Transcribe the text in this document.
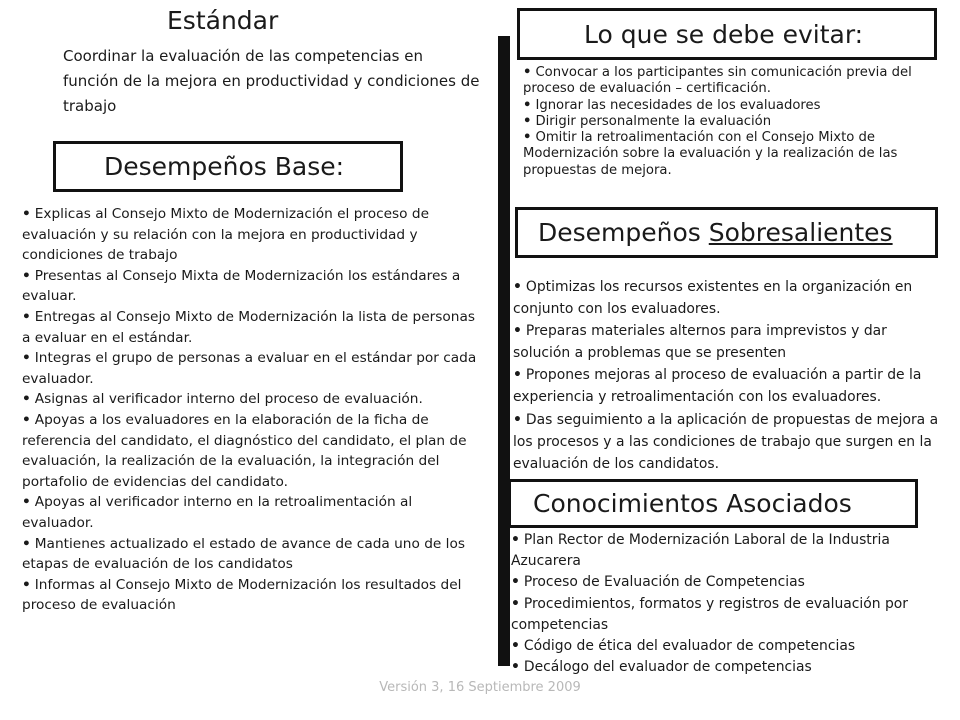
Versión 3, 16 Septiembre 2009
Estándar
Coordinar la evaluación de las competencias en función de la mejora en productividad y condiciones de trabajo
Desempeños Base:
• Explicas al Consejo Mixto de Modernización el proceso de evaluación y su relación con la mejora en productividad y condiciones de trabajo
• Presentas al Consejo Mixta de Modernización los estándares a evaluar.
• Entregas al Consejo Mixto de Modernización la lista de personas a evaluar en el estándar.
• Integras el grupo de personas a evaluar en el estándar por cada evaluador.
• Asignas al verificador interno del proceso de evaluación.
• Apoyas a los evaluadores en la elaboración de la ficha de referencia del candidato, el diagnóstico del candidato, el plan de evaluación, la realización de la evaluación, la integración del portafolio de evidencias del candidato.
• Apoyas al verificador interno en la retroalimentación al evaluador.
• Mantienes actualizado el estado de avance de cada uno de los etapas de evaluación de los candidatos
• Informas al Consejo Mixto de Modernización los resultados del proceso de evaluación
Lo que se debe evitar:
• Convocar a los participantes sin comunicación previa del proceso de evaluación – certificación.
• Ignorar las necesidades de los evaluadores
• Dirigir personalmente la evaluación
• Omitir la retroalimentación con el Consejo Mixto de Modernización sobre la evaluación y la realización de las propuestas de mejora.
Desempeños Sobresalientes
• Optimizas los recursos existentes en la organización en conjunto con los evaluadores.
• Preparas materiales alternos para imprevistos y dar solución a problemas que se presenten
• Propones mejoras al proceso de evaluación a partir de la experiencia y retroalimentación con los evaluadores.
• Das seguimiento a la aplicación de propuestas de mejora a los procesos y a las condiciones de trabajo que surgen en la evaluación de los candidatos.
Conocimientos Asociados
• Plan Rector de Modernización Laboral de la Industria Azucarera
• Proceso de Evaluación de Competencias
• Procedimientos, formatos y registros de evaluación por competencias
• Código de ética del evaluador de competencias
• Decálogo del evaluador de competencias
